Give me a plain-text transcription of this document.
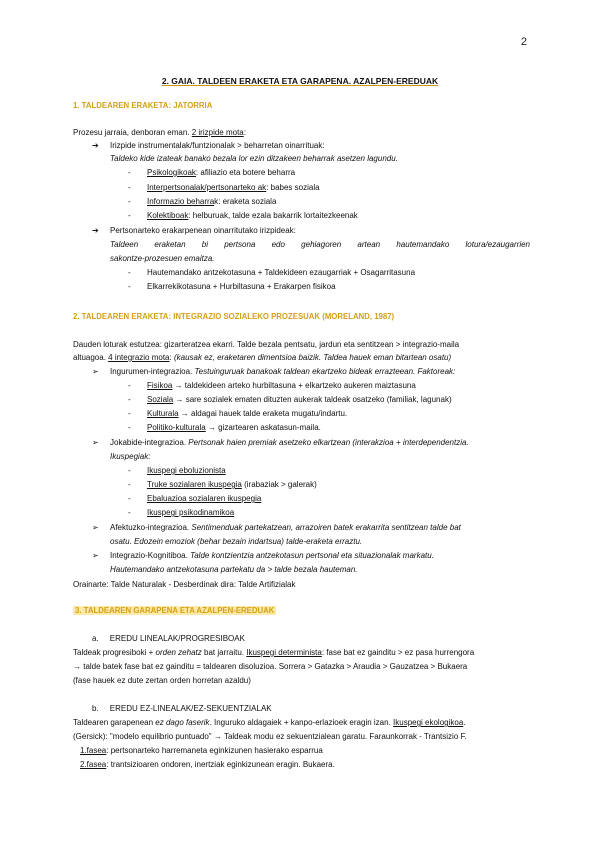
2
2. GAIA. TALDEEN ERAKETA ETA GARAPENA. AZALPEN-EREDUAK
1. TALDEAREN ERAKETA: JATORRIA
Prozesu jarraia, denboran eman. 2 irizpide mota:
➔ Irizpide instrumentalak/funtzionalak > beharretan oinarrituak:
Taldeko kide izateak banako bezala lor ezin ditzakeen beharrak asetzen lagundu.
- Psikologikoak: afiliazio eta botere beharra
- Interpertsonalak/pertsonarteko ak: babes soziala
- Informazio beharrak: eraketa soziala
- Kolektiboak: helburuak, talde ezala bakarrik lortaitezkeenak
➔ Pertsonarteko erakarpenean oinarritutako irizpideak:
Taldeen eraketan bi pertsona edo gehiagoren artean hautemandako lotura/ezaugarrien
sakontze-prozesuen emaitza.
- Hautemandako antzekotasuna + Taldekideen ezaugarriak + Osagarritasuna
- Elkarrekikotasuna + Hurbiltasuna + Erakarpen fisikoa
2. TALDEAREN ERAKETA: INTEGRAZIO SOZIALEKO PROZESUAK (MORELAND, 1987)
Dauden loturak estutzea: gizarteratzea ekarri. Talde bezala pentsatu, jardun eta sentitzean > integrazio-maila
altuagoa. 4 integrazio mota: (kausak ez, eraketaren dimentsioa baizik. Taldea hauek eman bitartean osatu)
➢ Ingurumen-integrazioa. Testuinguruak banakoak taldean ekartzeko bideak errazteean. Faktoreak:
- Fisikoa → taldekideen arteko hurbiltasuna + elkartzeko aukeren maiztasuna
- Soziala → sare sozialek ematen dituzten aukerak taldeak osatzeko (familiak, lagunak)
- Kulturala → aldagai hauek talde eraketa mugatu/indartu.
- Politiko-kulturala → gizartearen askatasun-maila.
➢ Jokabide-integrazioa. Pertsonak haien premiak asetzeko elkartzean (interakzioa + interdependentzia.
Ikuspegiak:
- Ikuspegi eboluzionista
- Truke sozialaren ikuspegia (irabaziak > galerak)
- Ebaluazioa sozialaren ikuspegia
- Ikuspegi psikodinamikoa
➢ Afektuzko-integrazioa. Sentimenduak partekatzean, arrazoiren batek erakarrita sentitzean talde bat
osatu. Edozein emoziok (behar bezain indartsua) talde-eraketa erraztu.
➢ Integrazio-Kognitiboa. Talde kontzientzia antzekotasun pertsonal eta situazionalak markatu.
Hautemandako antzekotasuna partekatu da > talde bezala hauteman.
Orainarte: Talde Naturalak - Desberdinak dira: Talde Artifizialak
3. TALDEAREN GARAPENA ETA AZALPEN-EREDUAK
a. EREDU LINEALAK/PROGRESIBOAK
Taldeak progresiboki + orden zehatz bat jarraitu. Ikuspegi determinista: fase bat ez gainditu > ez pasa hurrengora
→ talde batek fase bat ez gainditu = taldearen disoluzioa. Sorrera > Gatazka > Araudia > Gauzatzea > Bukaera
(fase hauek ez dute zertan orden horretan azaldu)
b. EREDU EZ-LINEALAK/EZ-SEKUENTZIALAK
Taldearen garapenean ez dago faserik. Inguruko aldagaiek + kanpo-erlazioek eragin izan. Ikuspegi ekologikoa.
(Gersick): "modelo equilibrio puntuado" → Taldeak modu ez sekuentzialean garatu. Faraunkorrak - Trantsizio F.
1.fasea: pertsonarteko harremaneta eginkizunen hasierako esparrua
2.fasea: trantsizioaren ondoren, inertziak eginkizunean eragin. Bukaera.
